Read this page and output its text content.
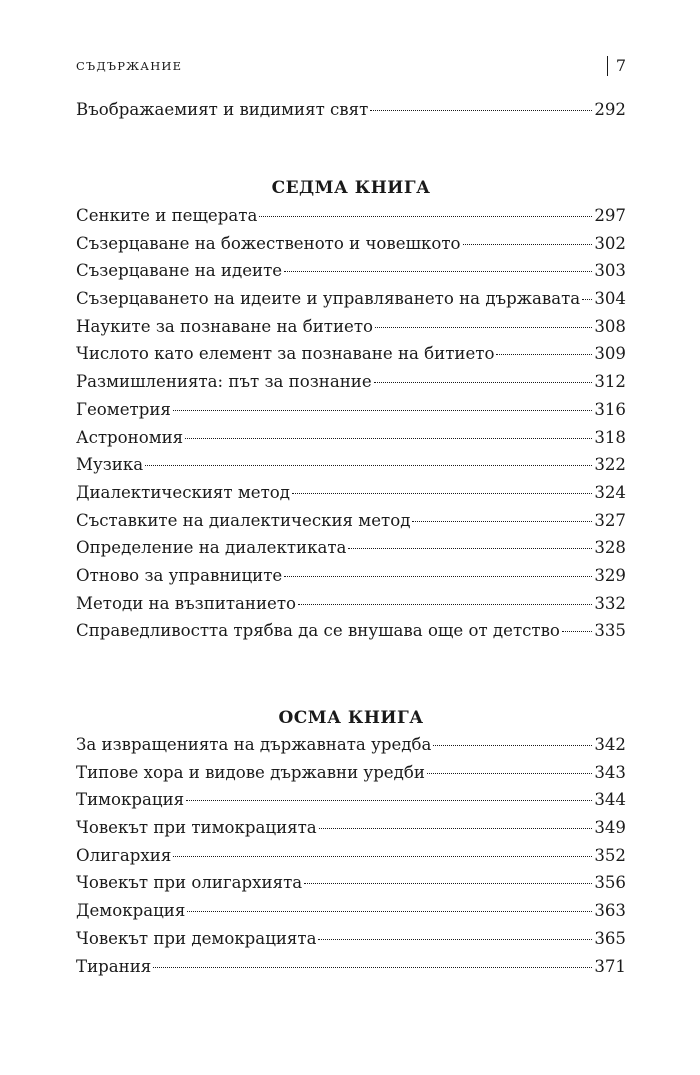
СЪДЪРЖАНИЕ	7
Въображаемият и видимият свят	292
СЕДМА КНИГА
Сенките и пещерата	297
Съзерцаване на божественото и човешкото	302
Съзерцаване на идеите	303
Съзерцаването на идеите и управляването на държавата 304
Науките за познаване на битието	308
Числото като елемент за познаване на битието	309
Размишленията: път за познание	312
Геометрия	316
Астрономия	318
Музика	322
Диалектическият метод	324
Съставките на диалектическия метод	327
Определение на диалектиката	328
Отново за управниците	329
Методи на възпитанието	332
Справедливостта трябва да се внушава още от детство 335
ОСМА КНИГА
За извращенията на държавната уредба	342
Типове хора и видове държавни уредби	343
Тимокрация	344
Човекът при тимокрацията	349
Олигархия	352
Човекът при олигархията	356
Демокрация	363
Човекът при демокрацията	365
Тирания	371
